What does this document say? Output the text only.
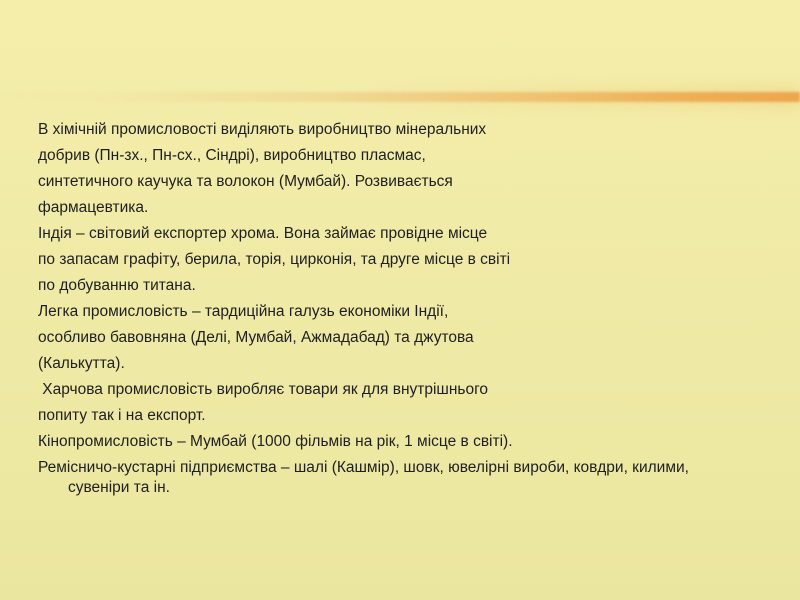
В хімічній промисловості виділяють виробництво мінеральних
добрив (Пн-зх., Пн-сх., Сіндрі), виробництво пласмас,
синтетичного каучука та волокон (Мумбай). Розвивається
фармацевтика.
Індія – світовий експортер хрома. Вона займає провідне місце
по запасам графіту, берила, торія, цирконія, та друге місце в світі
по добуванню титана.
Легка промисловість – тардиційна галузь економіки Індії,
особливо бавовняна (Делі, Мумбай, Ажмадабад) та джутова
(Калькутта).
Харчова промисловість виробляє товари як для внутрішнього
попиту так і на експорт.
Кінопромисловість – Мумбай (1000 фільмів на рік, 1 місце в світі).
Ремісничо-кустарні підприємства – шалі (Кашмір), шовк, ювелірні вироби, ковдри, килими, сувеніри та ін.
